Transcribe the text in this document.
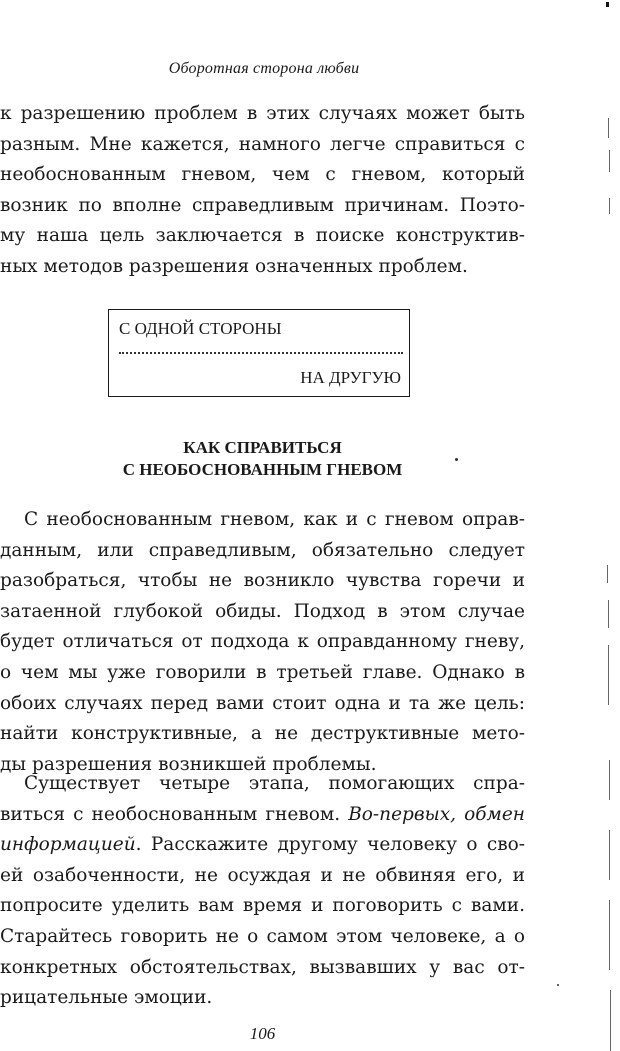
Оборотная сторона любви
к разрешению проблем в этих случаях может быть
разным. Мне кажется, намного легче справиться с
необоснованным гневом, чем с гневом, который
возник по вполне справедливым причинам. Поэто-
му наша цель заключается в поиске конструктив-
ных методов разрешения означенных проблем.
С ОДНОЙ СТОРОНЫ
НА ДРУГУЮ
КАК СПРАВИТЬСЯ
С НЕОБОСНОВАННЫМ ГНЕВОМ
С необоснованным гневом, как и с гневом оправ-
данным, или справедливым, обязательно следует
разобраться, чтобы не возникло чувства горечи и
затаенной глубокой обиды. Подход в этом случае
будет отличаться от подхода к оправданному гневу,
о чем мы уже говорили в третьей главе. Однако в
обоих случаях перед вами стоит одна и та же цель:
найти конструктивные, а не деструктивные мето-
ды разрешения возникшей проблемы.
Существует четыре этапа, помогающих спра-
виться с необоснованным гневом. Во-первых, обмен
информацией. Расскажите другому человеку о сво-
ей озабоченности, не осуждая и не обвиняя его, и
попросите уделить вам время и поговорить с вами.
Старайтесь говорить не о самом этом человеке, а о
конкретных обстоятельствах, вызвавших у вас от-
рицательные эмоции.
106
